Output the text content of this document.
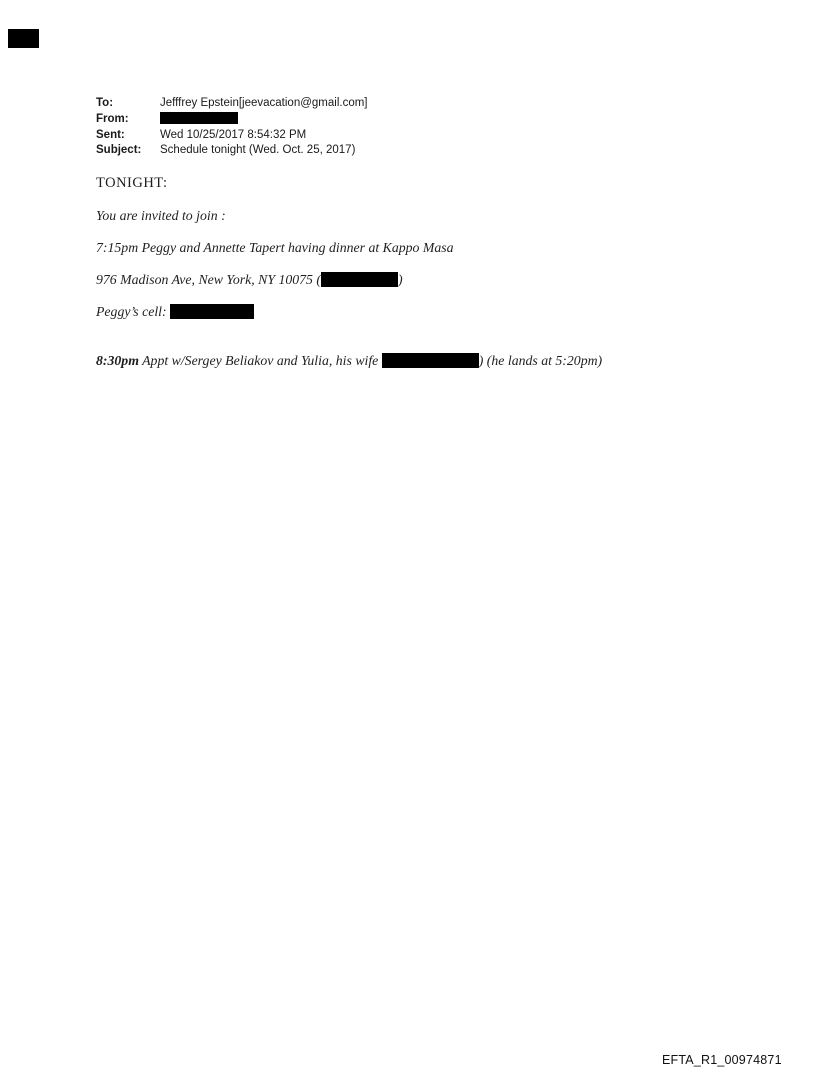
To:	Jefffrey Epstein[jeevacation@gmail.com]
From:
Sent:	Wed 10/25/2017 8:54:32 PM
Subject: Schedule tonight (Wed. Oct. 25, 2017)
TONIGHT:

You are invited to join :

7:15pm Peggy and Annette Tapert having dinner at Kappo Masa

976 Madison Ave, New York, NY 10075 (	)

Peggy’s cell:

8:30pm Appt w/Sergey Beliakov and Yulia, his wife	) (he lands at 5:20pm)

EFTA_R1_00974871
